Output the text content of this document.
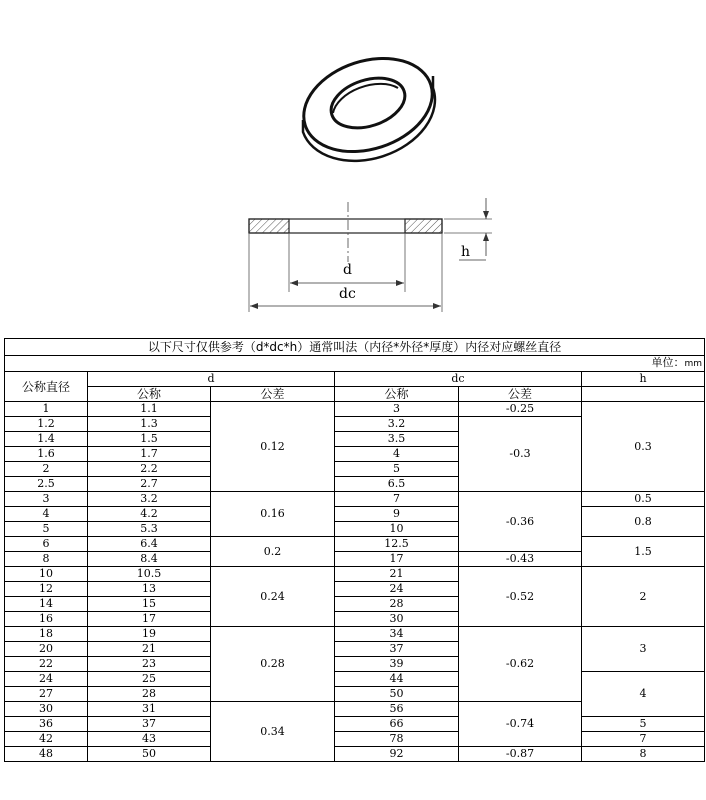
d
dc
h
以下尺寸仅供参考（d*dc*h）通常叫法（内径*外径*厚度）内径对应螺丝直径					
单位：mm					
公称直径	d		dc		h
	公称	公差	公称	公差	
1	1.1	0.12	3	-0.25	0.3
1.2	1.3		3.2	-0.3	
1.4	1.5		3.5		
1.6	1.7		4		
2	2.2		5		
2.5	2.7		6.5		
3	3.2	0.16	7	-0.36	0.5
4	4.2		9		0.8
5	5.3		10		
6	6.4	0.2	12.5		1.5
8	8.4		17	-0.43	
10	10.5	0.24	21	-0.52	2
12	13		24		
14	15		28		
16	17		30		
18	19	0.28	34	-0.62	3
20	21		37		
22	23		39		
24	25		44		4
27	28		50		
30	31	0.34	56	-0.74	
36	37		66		5
42	43		78		7
48	50		92	-0.87	8
